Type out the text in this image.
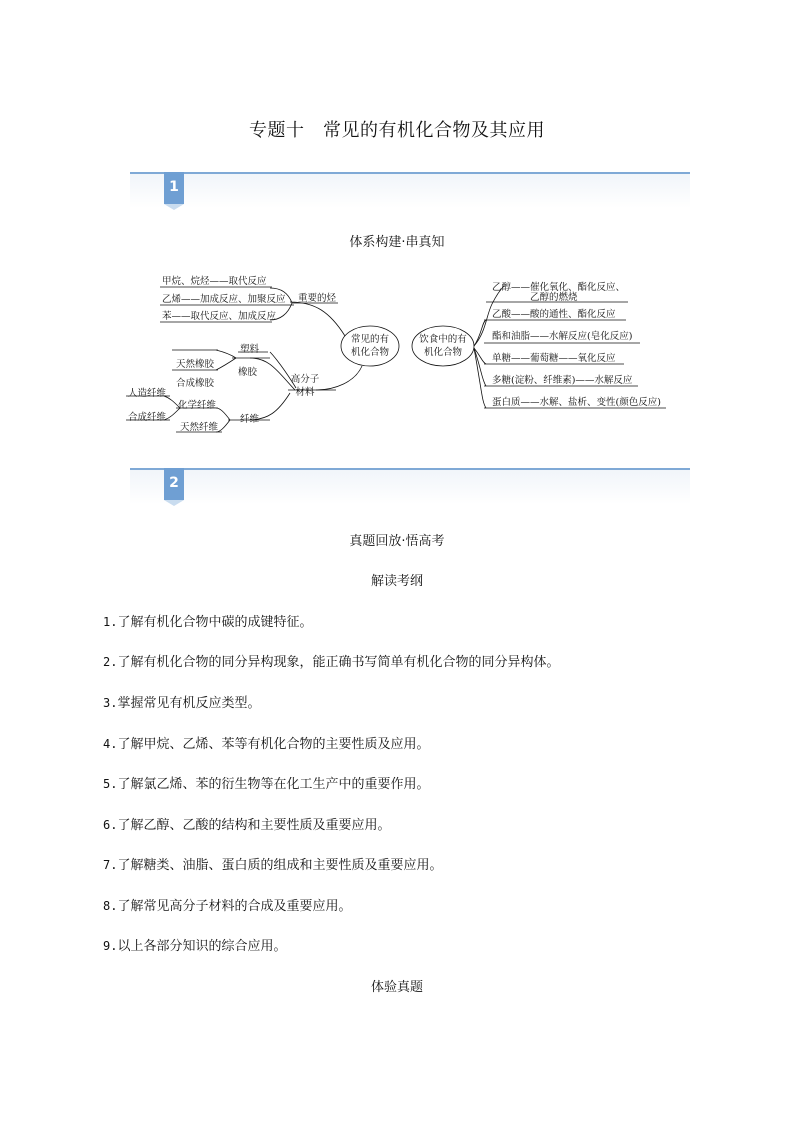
专题十　常见的有机化合物及其应用
1
体系构建·串真知
常见的有
机化合物
饮食中的有
机化合物
重要的烃
甲烷、烷烃——取代反应
乙烯——加成反应、加聚反应
苯——取代反应、加成反应
高分子
材料
塑料
橡胶
天然橡胶
合成橡胶
纤维
化学纤维
人造纤维
合成纤维
天然纤维
乙醇——催化氧化、酯化反应、
乙醇的燃烧
乙酸——酸的通性、酯化反应
酯和油脂——水解反应(皂化反应)
单糖——葡萄糖——氧化反应
多糖(淀粉、纤维素)——水解反应
蛋白质——水解、盐析、变性(颜色反应)
2
真题回放·悟高考
解读考纲
1.了解有机化合物中碳的成键特征。
2.了解有机化合物的同分异构现象，能正确书写简单有机化合物的同分异构体。
3.掌握常见有机反应类型。
4.了解甲烷、乙烯、苯等有机化合物的主要性质及应用。
5.了解氯乙烯、苯的衍生物等在化工生产中的重要作用。
6.了解乙醇、乙酸的结构和主要性质及重要应用。
7.了解糖类、油脂、蛋白质的组成和主要性质及重要应用。
8.了解常见高分子材料的合成及重要应用。
9.以上各部分知识的综合应用。
体验真题
